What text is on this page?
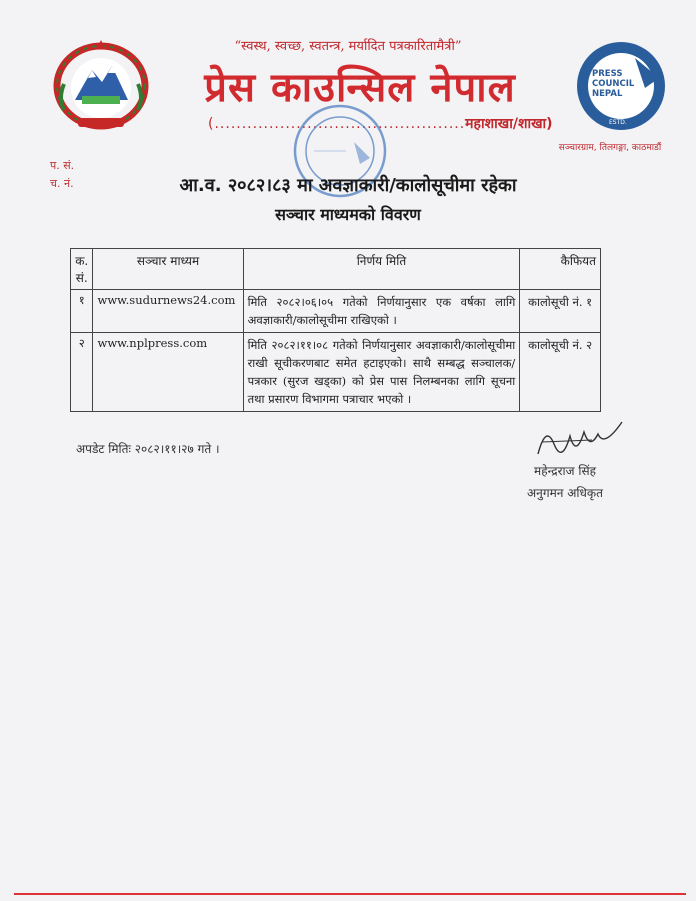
“स्वस्थ, स्वच्छ, स्वतन्त्र, मर्यादित पत्रकारितामैत्री”
प्रेस काउन्सिल नेपाल
(..............................................महाशाखा/शाखा)
PRESS
COUNCIL
NEPAL
ESTD.
सञ्चारग्राम, तिलगङ्गा, काठमाडौं
प. सं.
च. नं.	आ.व. २०८२।८३ मा अवज्ञाकारी/कालोसूचीमा रहेका
सञ्चार माध्यमको विवरण
क. सं.	सञ्चार माध्यम	निर्णय मिति	कैफियत
१	www.sudurnews24.com	मिति २०८२।०६।०५ गतेको निर्णयानुसार एक वर्षका लागि अवज्ञाकारी/कालोसूचीमा राखिएको ।	कालोसूची नं. १
२	www.nplpress.com	मिति २०८२।११।०८ गतेको निर्णयानुसार अवज्ञाकारी/कालोसूचीमा राखी सूचीकरणबाट समेत हटाइएको। साथै सम्बद्ध सञ्चालक/पत्रकार (सुरज खड्का) को प्रेस पास निलम्बनका लागि सूचना तथा प्रसारण विभागमा पत्राचार भएको ।	कालोसूची नं. २
अपडेट मितिः २०८२।११।२७ गते ।
महेन्द्रराज सिंह
अनुगमन अधिकृत
